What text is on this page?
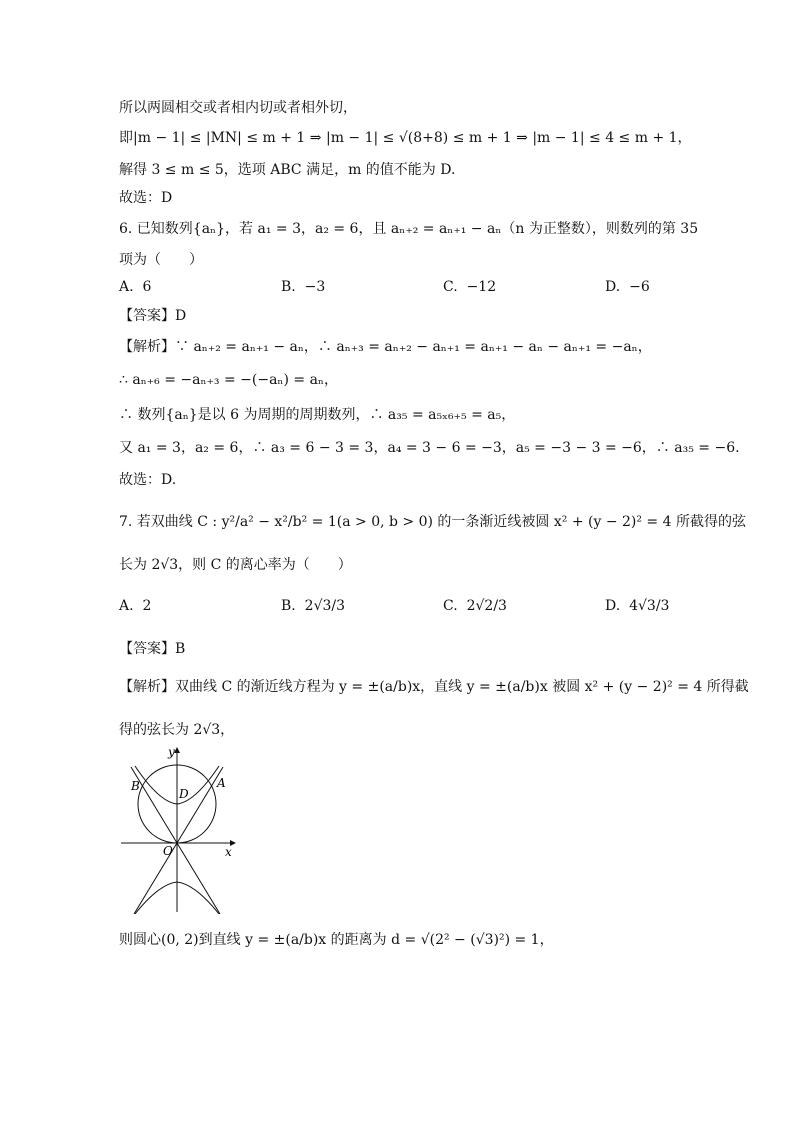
所以两圆相交或者相内切或者相外切，
即|m − 1| ≤ |MN| ≤ m + 1 ⇒ |m − 1| ≤ √(8+8) ≤ m + 1 ⇒ |m − 1| ≤ 4 ≤ m + 1，
解得 3 ≤ m ≤ 5，选项 ABC 满足，m 的值不能为 D.
故选：D
6. 已知数列{aₙ}，若 a₁ = 3，a₂ = 6，且 aₙ₊₂ = aₙ₊₁ − aₙ（n 为正整数），则数列的第 35
项为（　　）
A. 6	B. −3	C. −12	D. −6
【答案】D
【解析】∵ aₙ₊₂ = aₙ₊₁ − aₙ，∴ aₙ₊₃ = aₙ₊₂ − aₙ₊₁ = aₙ₊₁ − aₙ − aₙ₊₁ = −aₙ，
∴ aₙ₊₆ = −aₙ₊₃ = −(−aₙ) = aₙ，
∴ 数列{aₙ}是以 6 为周期的周期数列，∴ a₃₅ = a₅ₓ₆₊₅ = a₅，
又 a₁ = 3，a₂ = 6，∴ a₃ = 6 − 3 = 3，a₄ = 3 − 6 = −3，a₅ = −3 − 3 = −6，∴ a₃₅ = −6.
故选：D.
7. 若双曲线 C : y²/a² − x²/b² = 1(a > 0, b > 0) 的一条渐近线被圆 x² + (y − 2)² = 4 所截得的弦
长为 2√3，则 C 的离心率为（　　）
A. 2	B. 2√3/3	C. 2√2/3	D. 4√3/3
【答案】B
【解析】双曲线 C 的渐近线方程为 y = ±(a/b)x，直线 y = ±(a/b)x 被圆 x² + (y − 2)² = 4 所得截
得的弦长为 2√3，
y
x
O
A
B
D
则圆心(0, 2)到直线 y = ±(a/b)x 的距离为 d = √(2² − (√3)²) = 1，
